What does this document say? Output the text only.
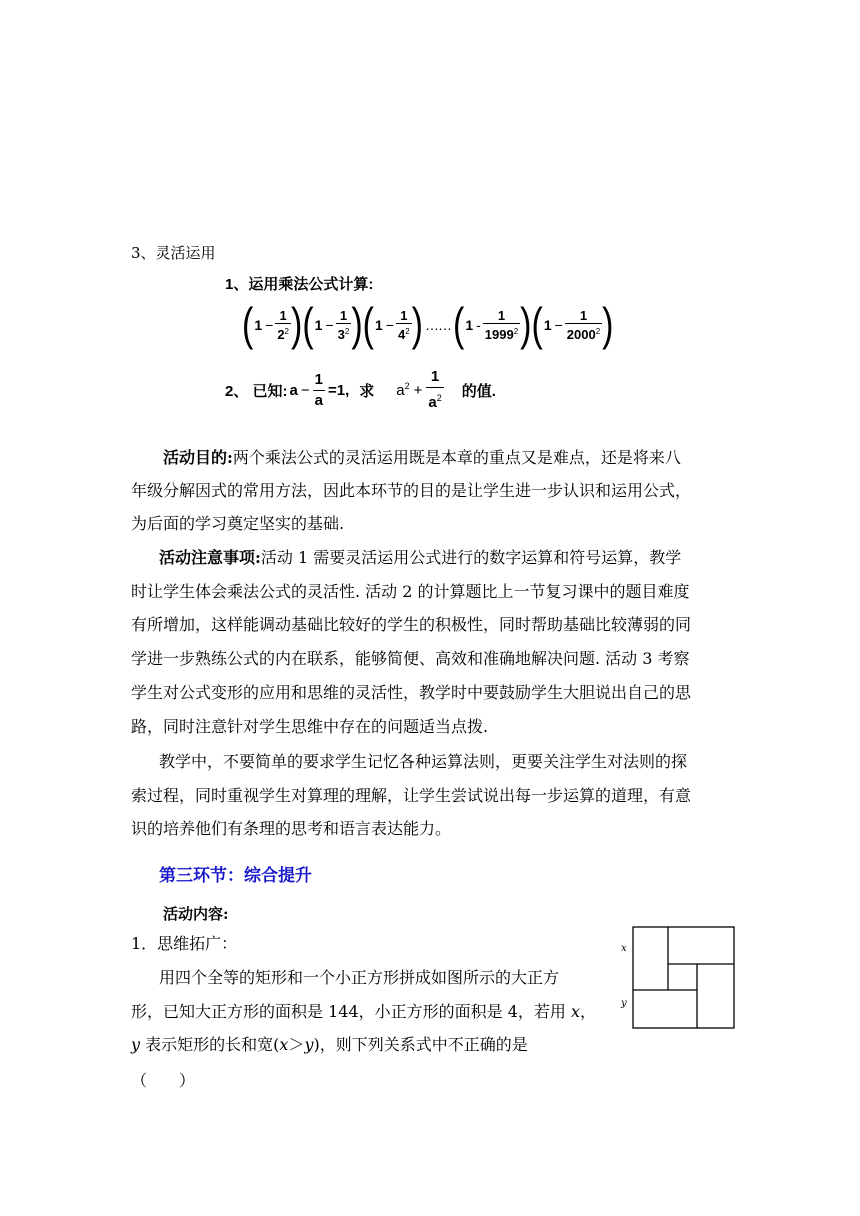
3、灵活运用
1、运用乘法公式计算:
( $1 - \frac{1}{2^2}$ ) ( $1 - \frac{1}{3^2}$ ) ( $1 - \frac{1}{4^2}$ ) …… ( $1 - \frac{1}{1999^2}$ ) ( $1 - \frac{1}{2000^2}$ )
2、 已知: $a - \frac{1}{a} =1$, 求 $a^2 + \frac{1}{a^2}$ 的值.
活动目的:两个乘法公式的灵活运用既是本章的重点又是难点，还是将来八
年级分解因式的常用方法，因此本环节的目的是让学生进一步认识和运用公式，
为后面的学习奠定坚实的基础.
活动注意事项:活动 1 需要灵活运用公式进行的数字运算和符号运算，教学
时让学生体会乘法公式的灵活性. 活动 2 的计算题比上一节复习课中的题目难度
有所增加，这样能调动基础比较好的学生的积极性，同时帮助基础比较薄弱的同
学进一步熟练公式的内在联系，能够简便、高效和准确地解决问题. 活动 3 考察
学生对公式变形的应用和思维的灵活性，教学时中要鼓励学生大胆说出自己的思
路，同时注意针对学生思维中存在的问题适当点拨.
教学中，不要简单的要求学生记忆各种运算法则，更要关注学生对法则的探
索过程，同时重视学生对算理的理解，让学生尝试说出每一步运算的道理，有意
识的培养他们有条理的思考和语言表达能力。
第三环节：综合提升
活动内容:
1．思维拓广：
用四个全等的矩形和一个小正方形拼成如图所示的大正方
形，已知大正方形的面积是 144，小正方形的面积是 4，若用 x，
y 表示矩形的长和宽(x＞y)，则下列关系式中不正确的是
（　　）
x
y
